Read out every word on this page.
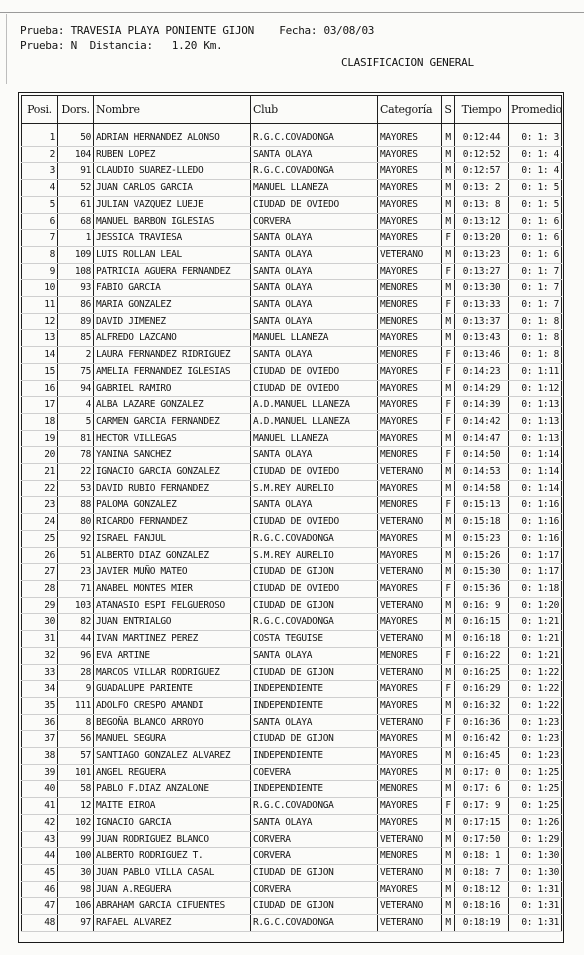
Prueba: TRAVESIA PLAYA PONIENTE GIJON Fecha: 03/08/03
Prueba: N Distancia: 1.20 Km.
CLASIFICACION GENERAL
Posi.	Dors.	Nombre	Club	Categoría	S	Tiempo	Promedio

1	50	ADRIAN HERNANDEZ ALONSO	R.G.C.COVADONGA	MAYORES	M	0:12:44	0: 1: 3
2	104	RUBEN LOPEZ	SANTA OLAYA	MAYORES	M	0:12:52	0: 1: 4
3	91	CLAUDIO SUAREZ-LLEDO	R.G.C.COVADONGA	MAYORES	M	0:12:57	0: 1: 4
4	52	JUAN CARLOS GARCIA	MANUEL LLANEZA	MAYORES	M	0:13: 2	0: 1: 5
5	61	JULIAN VAZQUEZ LUEJE	CIUDAD DE OVIEDO	MAYORES	M	0:13: 8	0: 1: 5
6	68	MANUEL BARBON IGLESIAS	CORVERA	MAYORES	M	0:13:12	0: 1: 6
7	1	JESSICA TRAVIESA	SANTA OLAYA	MAYORES	F	0:13:20	0: 1: 6
8	109	LUIS ROLLAN LEAL	SANTA OLAYA	VETERANO	M	0:13:23	0: 1: 6
9	108	PATRICIA AGUERA FERNANDEZ	SANTA OLAYA	MAYORES	F	0:13:27	0: 1: 7
10	93	FABIO GARCIA	SANTA OLAYA	MENORES	M	0:13:30	0: 1: 7
11	86	MARIA GONZALEZ	SANTA OLAYA	MENORES	F	0:13:33	0: 1: 7
12	89	DAVID JIMENEZ	SANTA OLAYA	MENORES	M	0:13:37	0: 1: 8
13	85	ALFREDO LAZCANO	MANUEL LLANEZA	MAYORES	M	0:13:43	0: 1: 8
14	2	LAURA FERNANDEZ RIDRIGUEZ	SANTA OLAYA	MENORES	F	0:13:46	0: 1: 8
15	75	AMELIA FERNANDEZ IGLESIAS	CIUDAD DE OVIEDO	MAYORES	F	0:14:23	0: 1:11
16	94	GABRIEL RAMIRO	CIUDAD DE OVIEDO	MAYORES	M	0:14:29	0: 1:12
17	4	ALBA LAZARE GONZALEZ	A.D.MANUEL LLANEZA	MAYORES	F	0:14:39	0: 1:13
18	5	CARMEN GARCIA FERNANDEZ	A.D.MANUEL LLANEZA	MAYORES	F	0:14:42	0: 1:13
19	81	HECTOR VILLEGAS	MANUEL LLANEZA	MAYORES	M	0:14:47	0: 1:13
20	78	YANINA SANCHEZ	SANTA OLAYA	MENORES	F	0:14:50	0: 1:14
21	22	IGNACIO GARCIA GONZALEZ	CIUDAD DE OVIEDO	VETERANO	M	0:14:53	0: 1:14
22	53	DAVID RUBIO FERNANDEZ	S.M.REY AURELIO	MAYORES	M	0:14:58	0: 1:14
23	88	PALOMA GONZALEZ	SANTA OLAYA	MENORES	F	0:15:13	0: 1:16
24	80	RICARDO FERNANDEZ	CIUDAD DE OVIEDO	VETERANO	M	0:15:18	0: 1:16
25	92	ISRAEL FANJUL	R.G.C.COVADONGA	MAYORES	M	0:15:23	0: 1:16
26	51	ALBERTO DIAZ GONZALEZ	S.M.REY AURELIO	MAYORES	M	0:15:26	0: 1:17
27	23	JAVIER MUÑO MATEO	CIUDAD DE GIJON	VETERANO	M	0:15:30	0: 1:17
28	71	ANABEL MONTES MIER	CIUDAD DE OVIEDO	MAYORES	F	0:15:36	0: 1:18
29	103	ATANASIO ESPI FELGUEROSO	CIUDAD DE GIJON	VETERANO	M	0:16: 9	0: 1:20
30	82	JUAN ENTRIALGO	R.G.C.COVADONGA	MAYORES	M	0:16:15	0: 1:21
31	44	IVAN MARTINEZ PEREZ	COSTA TEGUISE	VETERANO	M	0:16:18	0: 1:21
32	96	EVA ARTINE	SANTA OLAYA	MENORES	F	0:16:22	0: 1:21
33	28	MARCOS VILLAR RODRIGUEZ	CIUDAD DE GIJON	VETERANO	M	0:16:25	0: 1:22
34	9	GUADALUPE PARIENTE	INDEPENDIENTE	MAYORES	F	0:16:29	0: 1:22
35	111	ADOLFO CRESPO AMANDI	INDEPENDIENTE	MAYORES	M	0:16:32	0: 1:22
36	8	BEGOÑA BLANCO ARROYO	SANTA OLAYA	VETERANO	F	0:16:36	0: 1:23
37	56	MANUEL SEGURA	CIUDAD DE GIJON	MAYORES	M	0:16:42	0: 1:23
38	57	SANTIAGO GONZALEZ ALVAREZ	INDEPENDIENTE	MAYORES	M	0:16:45	0: 1:23
39	101	ANGEL REGUERA	COEVERA	MAYORES	M	0:17: 0	0: 1:25
40	58	PABLO F.DIAZ ANZALONE	INDEPENDIENTE	MENORES	M	0:17: 6	0: 1:25
41	12	MAITE EIROA	R.G.C.COVADONGA	MAYORES	F	0:17: 9	0: 1:25
42	102	IGNACIO GARCIA	SANTA OLAYA	MAYORES	M	0:17:15	0: 1:26
43	99	JUAN RODRIGUEZ BLANCO	CORVERA	VETERANO	M	0:17:50	0: 1:29
44	100	ALBERTO RODRIGUEZ T.	CORVERA	MENORES	M	0:18: 1	0: 1:30
45	30	JUAN PABLO VILLA CASAL	CIUDAD DE GIJON	VETERANO	M	0:18: 7	0: 1:30
46	98	JUAN A.REGUERA	CORVERA	MAYORES	M	0:18:12	0: 1:31
47	106	ABRAHAM GARCIA CIFUENTES	CIUDAD DE GIJON	VETERANO	M	0:18:16	0: 1:31
48	97	RAFAEL ALVAREZ	R.G.C.COVADONGA	VETERANO	M	0:18:19	0: 1:31
